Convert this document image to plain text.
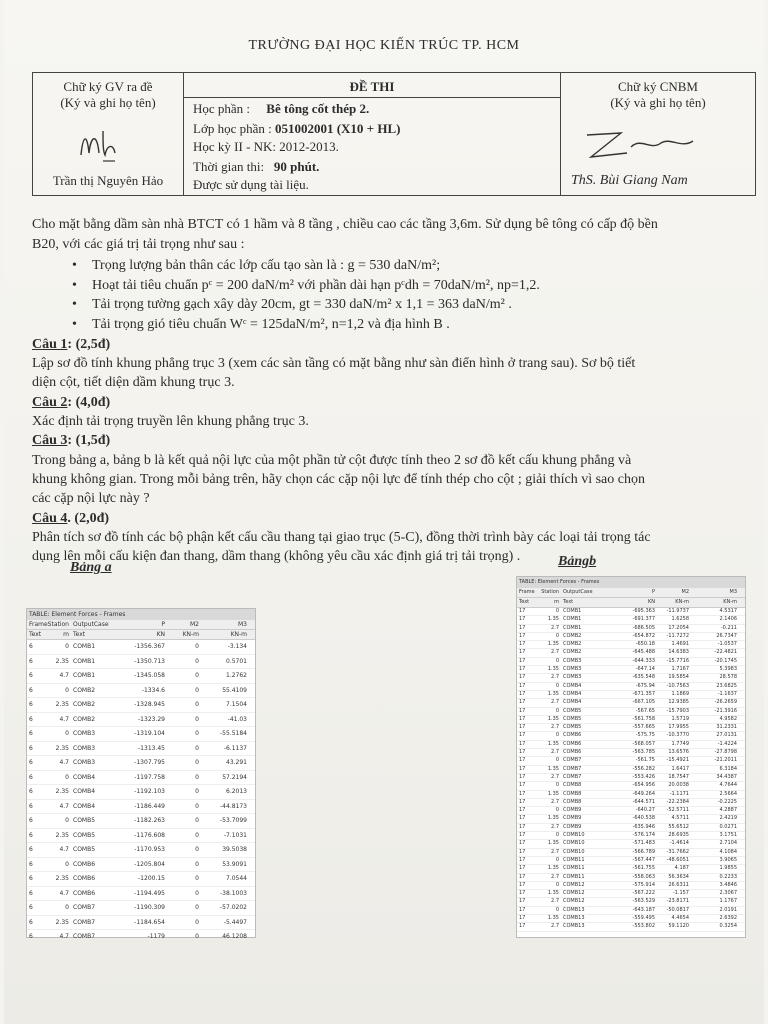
TRƯỜNG ĐẠI HỌC KIẾN TRÚC TP. HCM
Chữ ký GV ra đề
(Ký và ghi họ tên)
Trần thị Nguyên Hảo
ĐỀ THI
Học phần : Bê tông cốt thép 2.
Lớp học phần : 051002001 (X10 + HL)
Học kỳ II - NK: 2012-2013.
Thời gian thi: 90 phút.
Được sử dụng tài liệu.
Chữ ký CNBM
(Ký và ghi họ tên)
ThS. Bùi Giang Nam
Cho mặt bằng dầm sàn nhà BTCT có 1 hầm và 8 tầng , chiều cao các tầng 3,6m. Sử dụng bê tông có cấp độ bền
B20, với các giá trị tải trọng như sau :
• Trọng lượng bản thân các lớp cấu tạo sàn là : g = 530 daN/m²;
• Hoạt tải tiêu chuẩn pᶜ = 200 daN/m² với phần dài hạn pᶜdh = 70daN/m², np=1,2.
• Tải trọng tường gạch xây dày 20cm, gt = 330 daN/m² x 1,1 = 363 daN/m² .
• Tải trọng gió tiêu chuẩn Wᶜ = 125daN/m², n=1,2 và địa hình B .
Câu 1: (2,5đ)
Lập sơ đồ tính khung phẳng trục 3 (xem các sàn tầng có mặt bằng như sàn điển hình ở trang sau). Sơ bộ tiết
diện cột, tiết diện dầm khung trục 3.
Câu 2: (4,0đ)
Xác định tải trọng truyền lên khung phẳng trục 3.
Câu 3: (1,5đ)
Trong bảng a, bảng b là kết quả nội lực của một phần tử cột được tính theo 2 sơ đồ kết cấu khung phẳng và
khung không gian. Trong mỗi bảng trên, hãy chọn các cặp nội lực để tính thép cho cột ; giải thích vì sao chọn
các cặp nội lực này ?
Câu 4. (2,0đ)
Phân tích sơ đồ tính các bộ phận kết cấu cầu thang tại giao trục (5-C), đồng thời trình bày các loại tải trọng tác
dụng lên mỗi cấu kiện đan thang, dầm thang (không yêu cầu xác định giá trị tải trọng) .
Bảng a	Bảngb
TABLE: Element Forces - Frames
Frame Station OutputCase	P	M2	M3
Text	m Text	KN	KN-m	KN-m
6	0 COMB1	-1356.367	0	-3.134
6	2.35 COMB1	-1350.713	0	0.5701
6	4.7 COMB1	-1345.058	0	1.2762
6	0 COMB2	-1334.6	0	55.4109
6	2.35 COMB2	-1328.945	0	7.1504
6	4.7 COMB2	-1323.29	0	-41.03
6	0 COMB3	-1319.104	0	-55.5184
6	2.35 COMB3	-1313.45	0	-6.1137
6	4.7 COMB3	-1307.795	0	43.291
6	0 COMB4	-1197.758	0	57.2194
6	2.35 COMB4	-1192.103	0	6.2013
6	4.7 COMB4	-1186.449	0	-44.8173
6	0 COMB5	-1182.263	0	-53.7099
6	2.35 COMB5	-1176.608	0	-7.1031
6	4.7 COMB5	-1170.953	0	39.5038
6	0 COMB6	-1205.804	0	53.9091
6	2.35 COMB6	-1200.15	0	7.0544
6	4.7 COMB6	-1194.495	0	-38.1003
6	0 COMB7	-1190.309	0	-57.0202
6	2.35 COMB7	-1184.654	0	-5.4497
6	4.7 COMB7	-1179	0	46.1208
TABLE: Element Forces - Frames
Frame	Station OutputCase	P	M2	M3
Text	m Text	KN	KN-m	KN-m
17	0 COMB1	-695.363	-11.9737	4.5317
17	1.35 COMB1	-691.377	1.6258	2.1406
17	2.7 COMB1	-686.505	17.2054	-0.211
17	0 COMB2	-654.872	-11.7272	26.7347
17	1.35 COMB2	-650.18	1.4691	-1.0537
17	2.7 COMB2	-645.488	14.6383	-22.4821
17	0 COMB3	-644.333	-15.7716	-20.1745
17	1.35 COMB3	-647.14	1.7167	5.3983
17	2.7 COMB3	-635.548	19.5854	28.578
17	0 COMB4	-675.94	-10.7563	23.6825
17	1.35 COMB4	-671.357	1.1869	-1.1637
17	2.7 COMB4	-667.105	12.9385	-26.2659
17	0 COMB5	-567.65	-15.7903	-21.3916
17	1.35 COMB5	-561.758	1.5719	4.9582
17	2.7 COMB5	-557.665	17.9955	31.2331
17	0 COMB6	-575.75	-10.3770	27.0131
17	1.35 COMB6	-568.057	1.7749	-1.4224
17	2.7 COMB6	-563.785	13.6576	-27.8798
17	0 COMB7	-561.75	-15.4921	-21.2011
17	1.35 COMB7	-556.282	1.6417	6.3184
17	2.7 COMB7	-553.426	18.7547	34.4387
17	0 COMB8	-654.956	20.0038	4.7644
17	1.35 COMB8	-649.264	-1.1171	2.5664
17	2.7 COMB8	-644.571	-22.2384	-0.2225
17	0 COMB9	-640.27	-52.5711	4.2887
17	1.35 COMB9	-640.538	4.5711	2.4219
17	2.7 COMB9	-635.946	55.6512	0.0271
17	0 COMB10	-576.174	28.6935	3.1751
17	1.35 COMB10	-571.483	-1.4614	2.7104
17	2.7 COMB10	-566.789	-31.7662	4.1084
17	0 COMB11	-567.447	-48.6051	3.9065
17	1.35 COMB11	-561.755	4.187	1.9855
17	2.7 COMB11	-558.063	56.3634	0.2233
17	0 COMB12	-575.914	26.6311	3.4846
17	1.35 COMB12	-567.222	-1.157	2.3067
17	2.7 COMB12	-563.529	-23.8171	1.1767
17	0 COMB13	-643.187	-50.0817	2.0191
17	1.35 COMB13	-559.495	4.4654	2.6392
17	2.7 COMB13	-553.802	59.1120	0.3254
